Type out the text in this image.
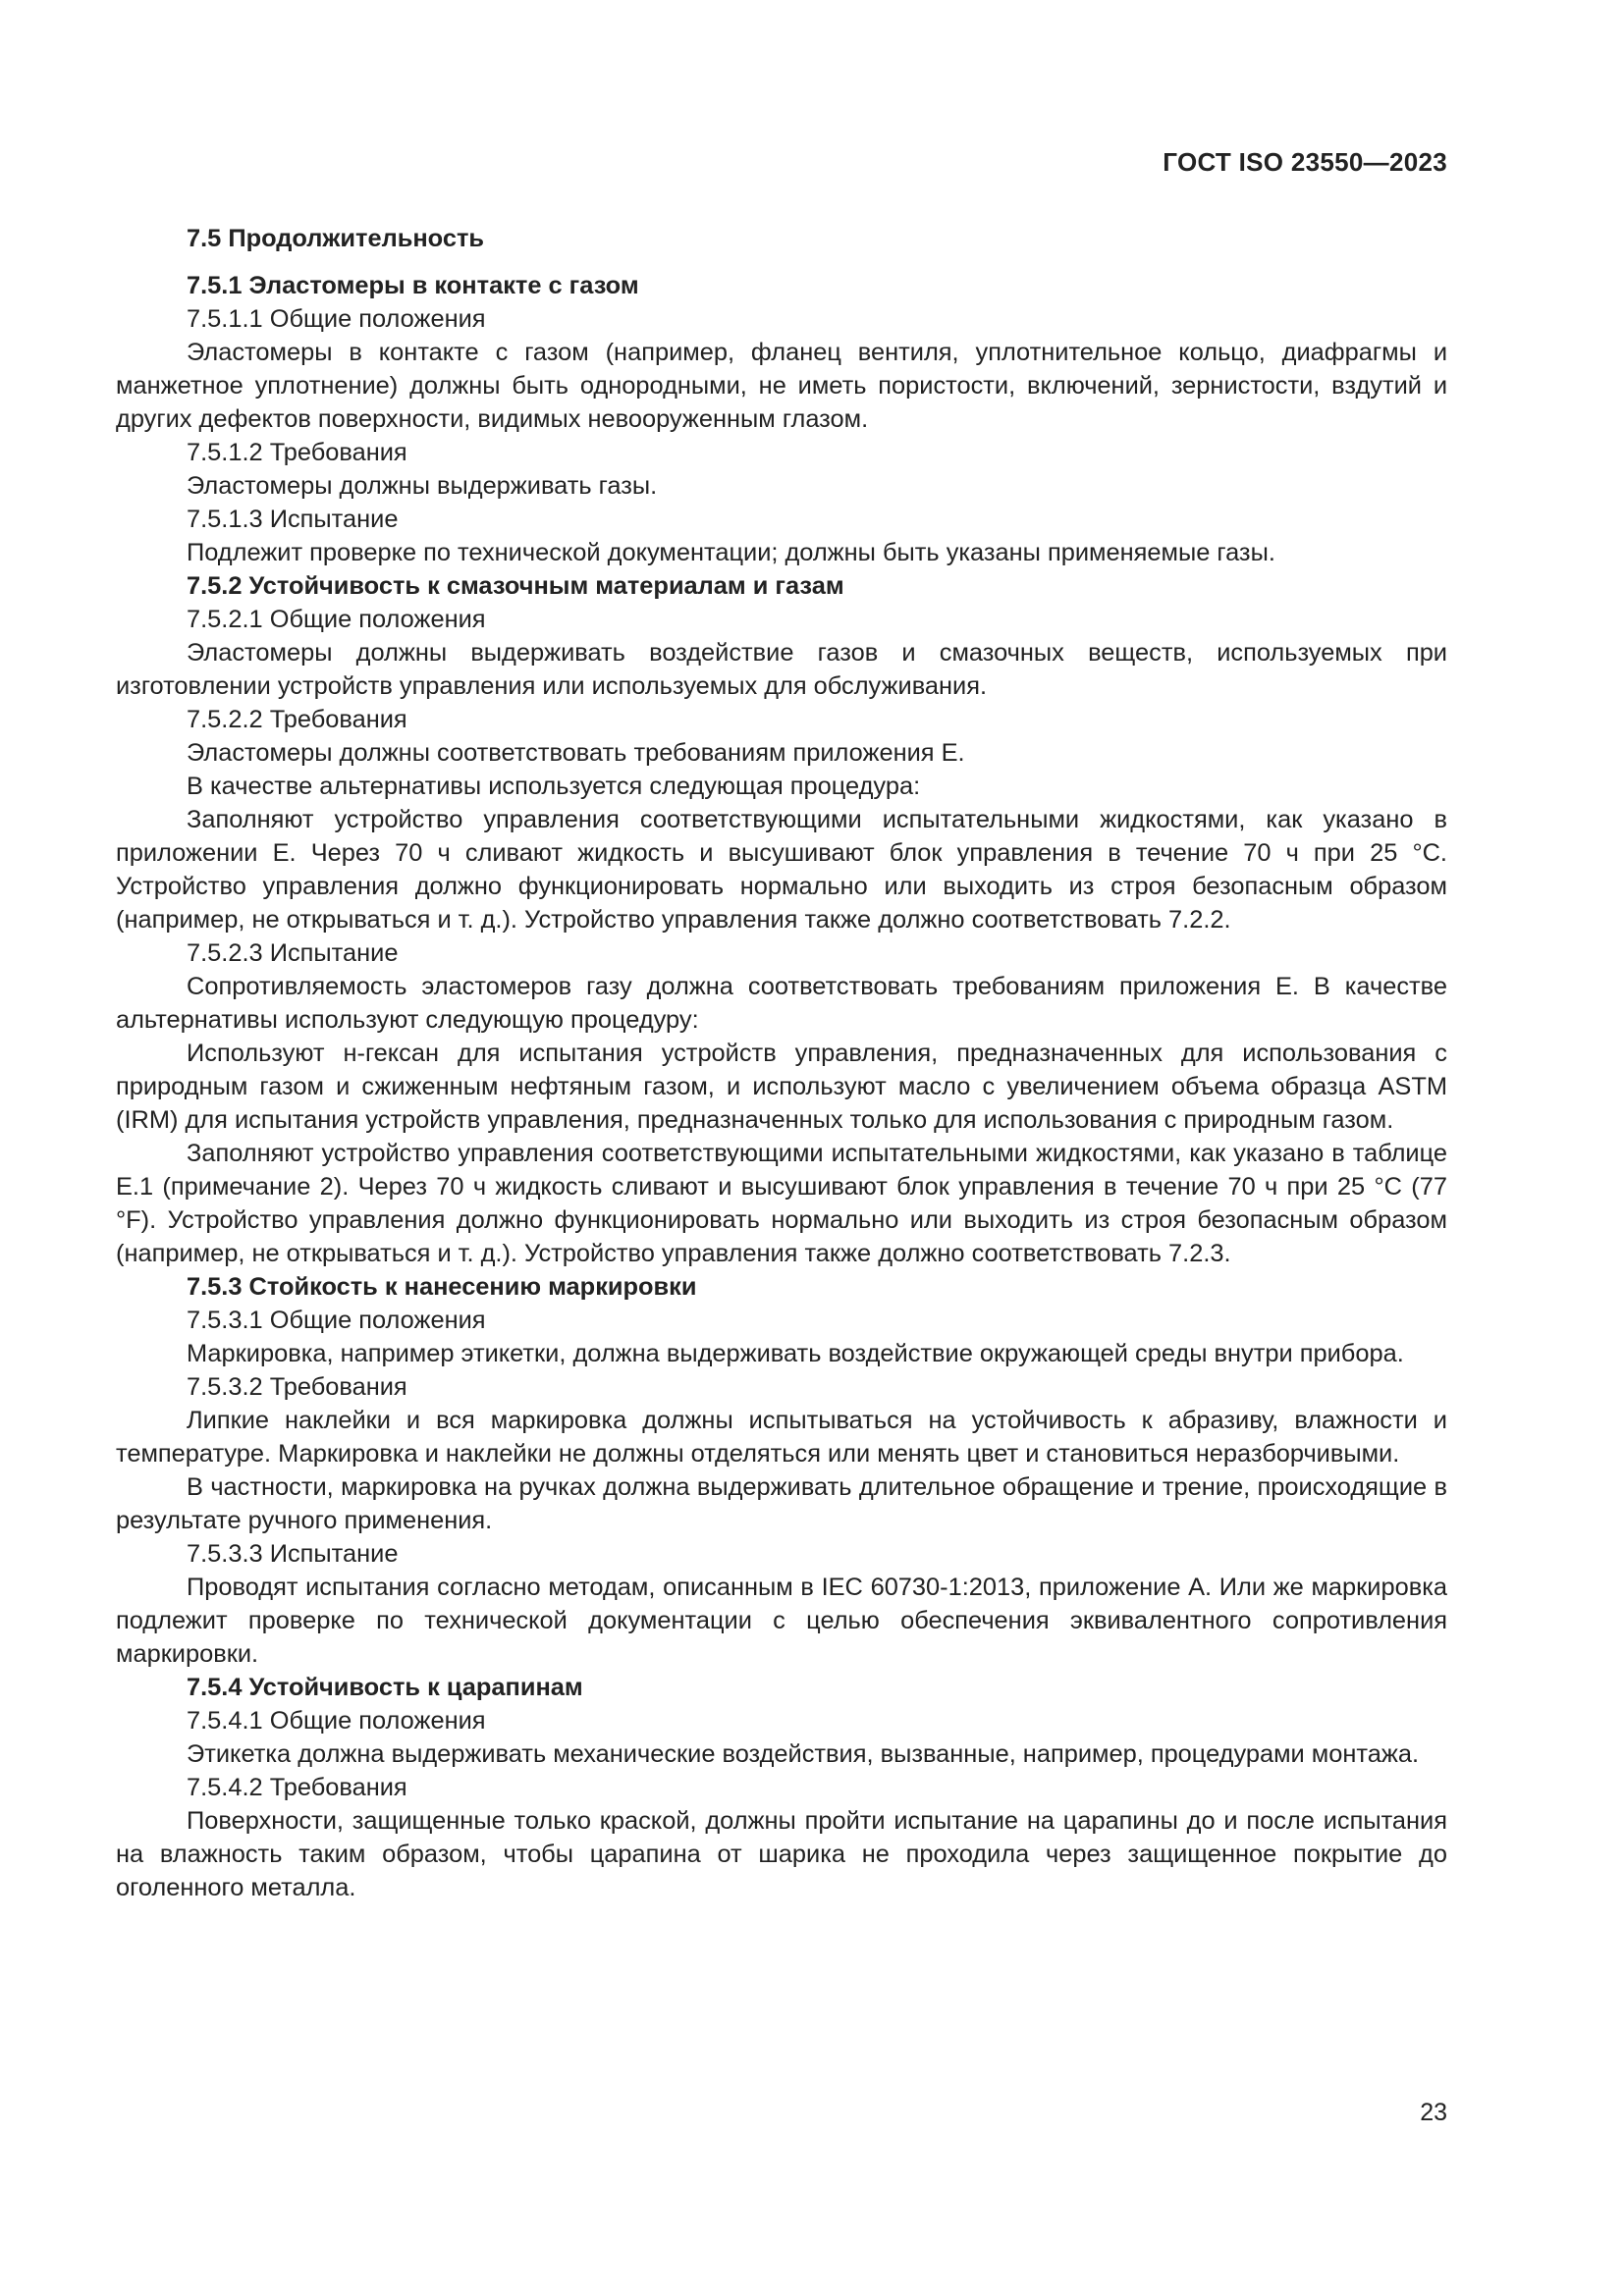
ГОСТ ISO 23550—2023

7.5 Продолжительность

7.5.1 Эластомеры в контакте с газом

7.5.1.1 Общие положения

Эластомеры в контакте с газом (например, фланец вентиля, уплотнительное кольцо, диафрагмы и манжетное уплотнение) должны быть однородными, не иметь пористости, включений, зернистости, вздутий и других дефектов поверхности, видимых невооруженным глазом.

7.5.1.2 Требования

Эластомеры должны выдерживать газы.

7.5.1.3 Испытание

Подлежит проверке по технической документации; должны быть указаны применяемые газы.

7.5.2 Устойчивость к смазочным материалам и газам

7.5.2.1 Общие положения

Эластомеры должны выдерживать воздействие газов и смазочных веществ, используемых при изготовлении устройств управления или используемых для обслуживания.

7.5.2.2 Требования

Эластомеры должны соответствовать требованиям приложения Е.

В качестве альтернативы используется следующая процедура:

Заполняют устройство управления соответствующими испытательными жидкостями, как указано в приложении Е. Через 70 ч сливают жидкость и высушивают блок управления в течение 70 ч при 25 °С. Устройство управления должно функционировать нормально или выходить из строя безопасным образом (например, не открываться и т. д.). Устройство управления также должно соответствовать 7.2.2.

7.5.2.3 Испытание

Сопротивляемость эластомеров газу должна соответствовать требованиям приложения Е. В качестве альтернативы используют следующую процедуру:

Используют н-гексан для испытания устройств управления, предназначенных для использования с природным газом и сжиженным нефтяным газом, и используют масло с увеличением объема образца ASTM (IRM) для испытания устройств управления, предназначенных только для использования с природным газом.

Заполняют устройство управления соответствующими испытательными жидкостями, как указано в таблице Е.1 (примечание 2). Через 70 ч жидкость сливают и высушивают блок управления в течение 70 ч при 25 °С (77 °F). Устройство управления должно функционировать нормально или выходить из строя безопасным образом (например, не открываться и т. д.). Устройство управления также должно соответствовать 7.2.3.

7.5.3 Стойкость к нанесению маркировки

7.5.3.1 Общие положения

Маркировка, например этикетки, должна выдерживать воздействие окружающей среды внутри прибора.

7.5.3.2 Требования

Липкие наклейки и вся маркировка должны испытываться на устойчивость к абразиву, влажности и температуре. Маркировка и наклейки не должны отделяться или менять цвет и становиться неразборчивыми.

В частности, маркировка на ручках должна выдерживать длительное обращение и трение, происходящие в результате ручного применения.

7.5.3.3 Испытание

Проводят испытания согласно методам, описанным в IEC 60730-1:2013, приложение А. Или же маркировка подлежит проверке по технической документации с целью обеспечения эквивалентного сопротивления маркировки.

7.5.4 Устойчивость к царапинам

7.5.4.1 Общие положения

Этикетка должна выдерживать механические воздействия, вызванные, например, процедурами монтажа.

7.5.4.2 Требования

Поверхности, защищенные только краской, должны пройти испытание на царапины до и после испытания на влажность таким образом, чтобы царапина от шарика не проходила через защищенное покрытие до оголенного металла.

23
